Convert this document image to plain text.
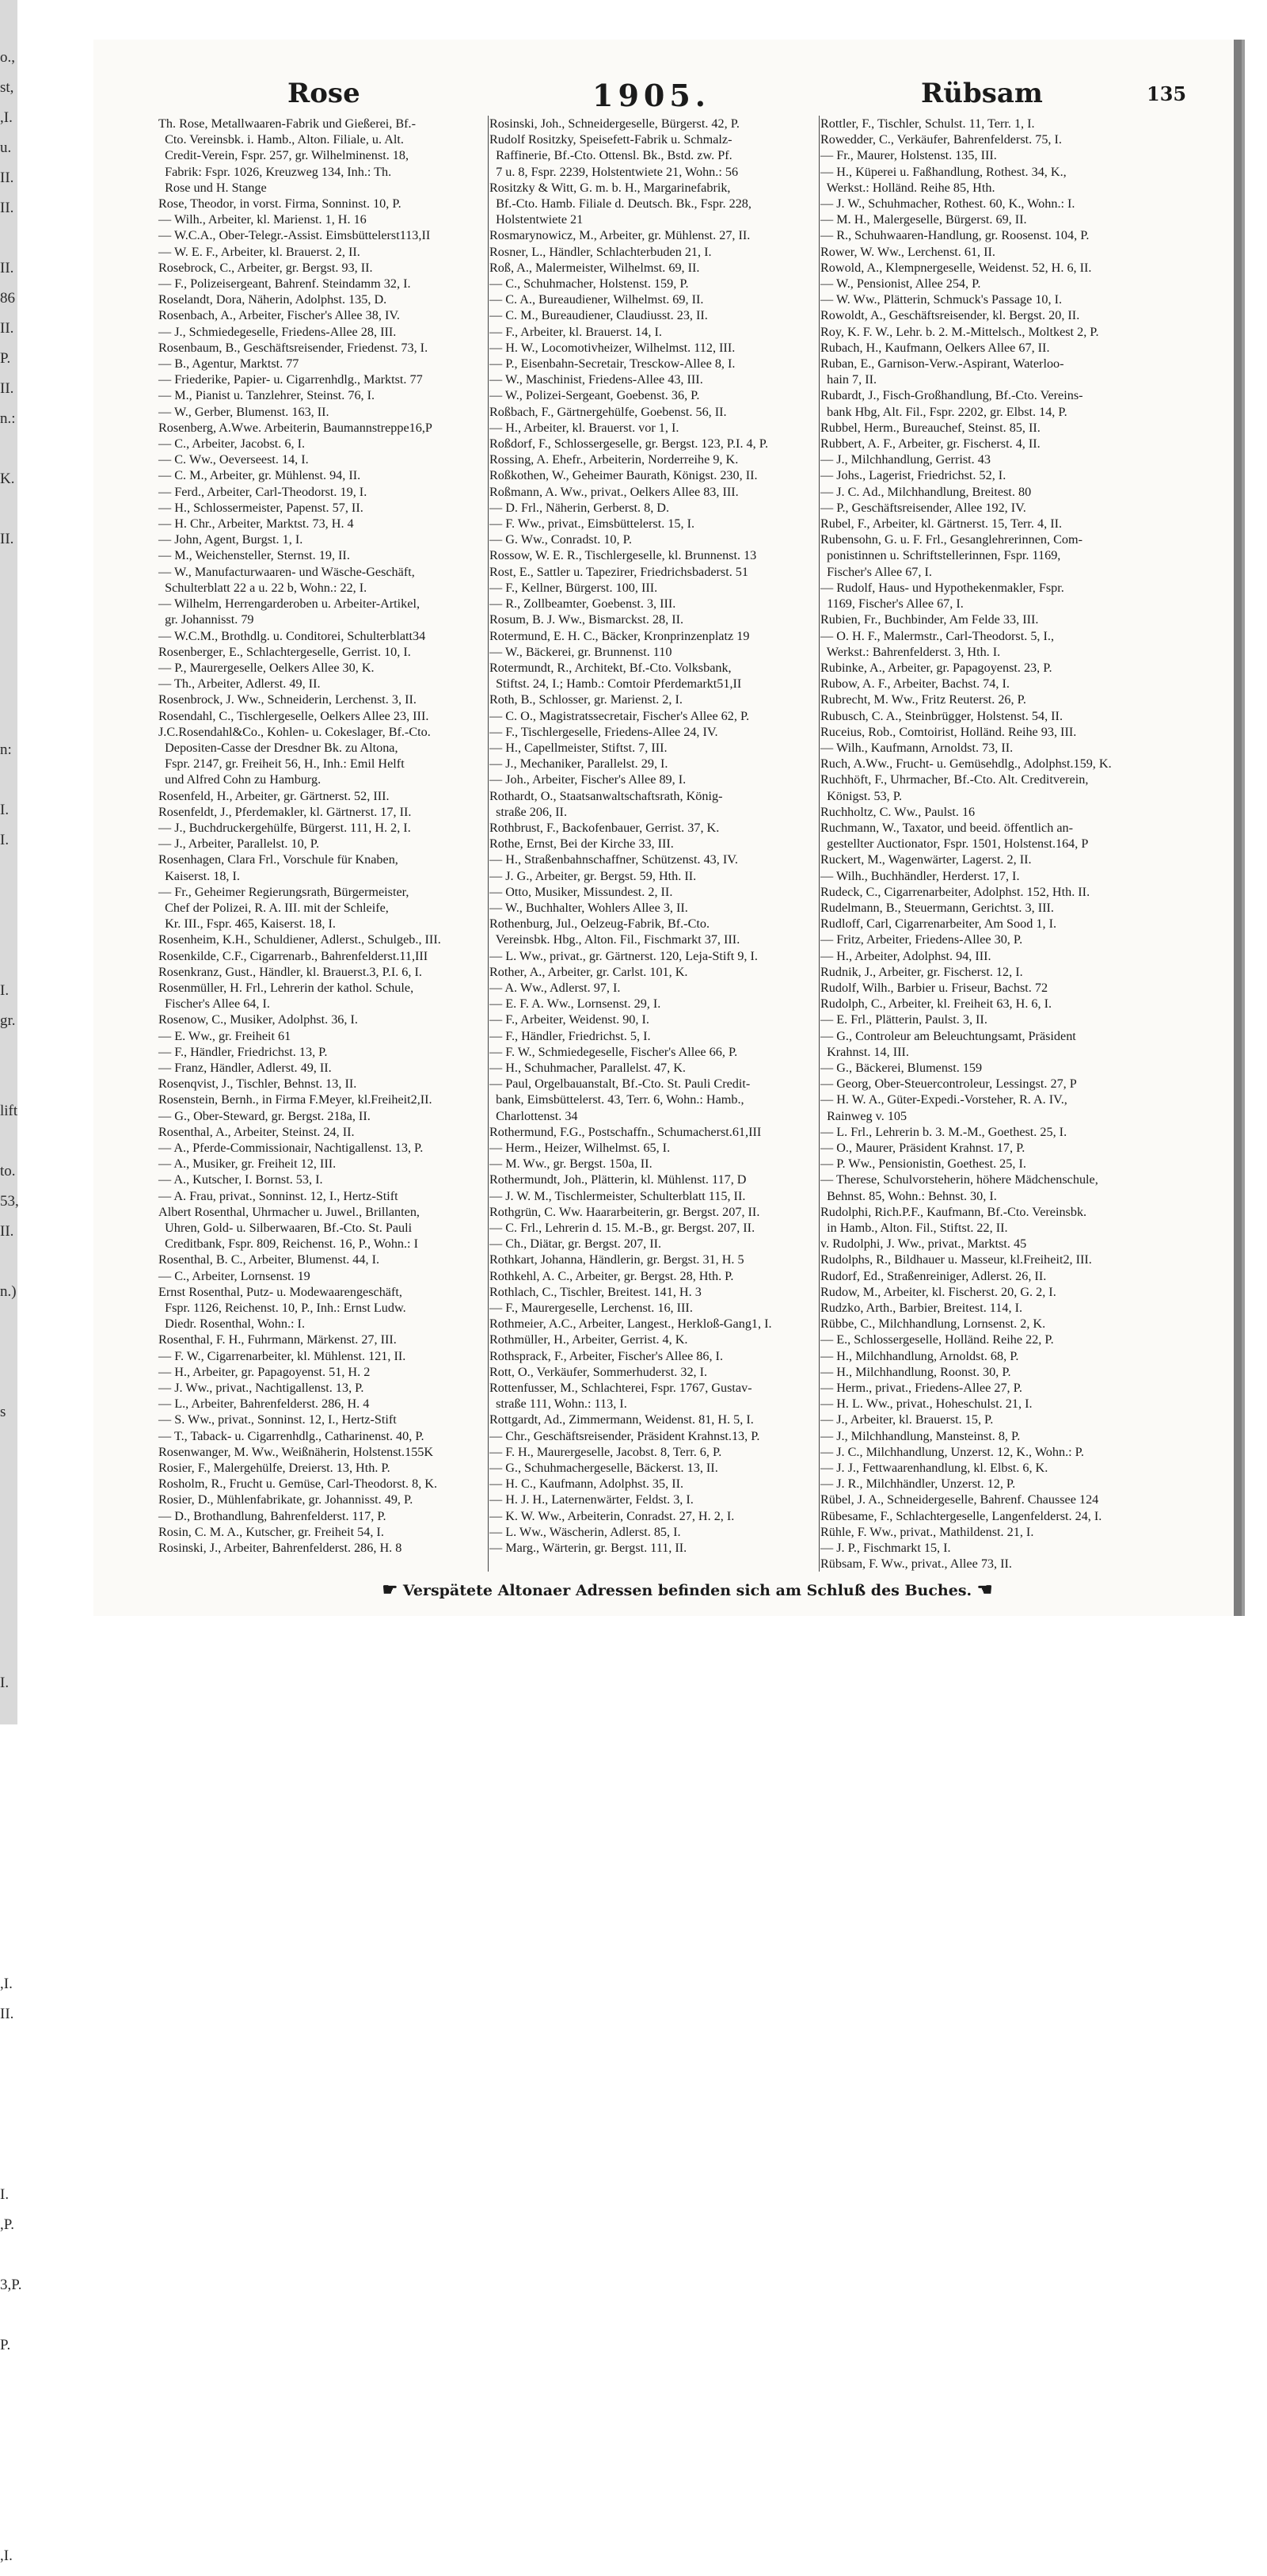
o.,
st,
,I.
u.
II.
II.
II.
86
II.
P.
II.
n.:
K.
II.
n:
I.
I.
I.
gr.
lift
to.
53,
II.
n.)
s
I.
,I.
II.
I.
,P.
3,P.
P.
,I.
Rose	1905.	Rübsam	135
Th. Rose, Metallwaaren-Fabrik und Gießerei, Bf.-
Cto. Vereinsbk. i. Hamb., Alton. Filiale, u. Alt.
Credit-Verein, Fspr. 257, gr. Wilhelminenst. 18,
Fabrik: Fspr. 1026, Kreuzweg 134, Inh.: Th.
Rose und H. Stange
Rose, Theodor, in vorst. Firma, Sonninst. 10, P.
— Wilh., Arbeiter, kl. Marienst. 1, H. 16
— W.C.A., Ober-Telegr.-Assist. Eimsbüttelerst113,II
— W. E. F., Arbeiter, kl. Brauerst. 2, II.
Rosebrock, C., Arbeiter, gr. Bergst. 93, II.
— F., Polizeisergeant, Bahrenf. Steindamm 32, I.
Roselandt, Dora, Näherin, Adolphst. 135, D.
Rosenbach, A., Arbeiter, Fischer's Allee 38, IV.
— J., Schmiedegeselle, Friedens-Allee 28, III.
Rosenbaum, B., Geschäftsreisender, Friedenst. 73, I.
— B., Agentur, Marktst. 77
— Friederike, Papier- u. Cigarrenhdlg., Marktst. 77
— M., Pianist u. Tanzlehrer, Steinst. 76, I.
— W., Gerber, Blumenst. 163, II.
Rosenberg, A.Wwe. Arbeiterin, Baumannstreppe16,P
— C., Arbeiter, Jacobst. 6, I.
— C. Ww., Oeverseest. 14, I.
— C. M., Arbeiter, gr. Mühlenst. 94, II.
— Ferd., Arbeiter, Carl-Theodorst. 19, I.
— H., Schlossermeister, Papenst. 57, II.
— H. Chr., Arbeiter, Marktst. 73, H. 4
— John, Agent, Burgst. 1, I.
— M., Weichensteller, Sternst. 19, II.
— W., Manufacturwaaren- und Wäsche-Geschäft,
Schulterblatt 22 a u. 22 b, Wohn.: 22, I.
— Wilhelm, Herrengarderoben u. Arbeiter-Artikel,
gr. Johannisst. 79
— W.C.M., Brothdlg. u. Conditorei, Schulterblatt34
Rosenberger, E., Schlachtergeselle, Gerrist. 10, I.
— P., Maurergeselle, Oelkers Allee 30, K.
— Th., Arbeiter, Adlerst. 49, II.
Rosenbrock, J. Ww., Schneiderin, Lerchenst. 3, II.
Rosendahl, C., Tischlergeselle, Oelkers Allee 23, III.
J.C.Rosendahl&Co., Kohlen- u. Cokeslager, Bf.-Cto.
Depositen-Casse der Dresdner Bk. zu Altona,
Fspr. 2147, gr. Freiheit 56, H., Inh.: Emil Helft
und Alfred Cohn zu Hamburg.
Rosenfeld, H., Arbeiter, gr. Gärtnerst. 52, III.
Rosenfeldt, J., Pferdemakler, kl. Gärtnerst. 17, II.
— J., Buchdruckergehülfe, Bürgerst. 111, H. 2, I.
— J., Arbeiter, Parallelst. 10, P.
Rosenhagen, Clara Frl., Vorschule für Knaben,
Kaiserst. 18, I.
— Fr., Geheimer Regierungsrath, Bürgermeister,
Chef der Polizei, R. A. III. mit der Schleife,
Kr. III., Fspr. 465, Kaiserst. 18, I.
Rosenheim, K.H., Schuldiener, Adlerst., Schulgeb., III.
Rosenkilde, C.F., Cigarrenarb., Bahrenfelderst.11,III
Rosenkranz, Gust., Händler, kl. Brauerst.3, P.I. 6, I.
Rosenmüller, H. Frl., Lehrerin der kathol. Schule,
Fischer's Allee 64, I.
Rosenow, C., Musiker, Adolphst. 36, I.
— E. Ww., gr. Freiheit 61
— F., Händler, Friedrichst. 13, P.
— Franz, Händler, Adlerst. 49, II.
Rosenqvist, J., Tischler, Behnst. 13, II.
Rosenstein, Bernh., in Firma F.Meyer, kl.Freiheit2,II.
— G., Ober-Steward, gr. Bergst. 218a, II.
Rosenthal, A., Arbeiter, Steinst. 24, II.
— A., Pferde-Commissionair, Nachtigallenst. 13, P.
— A., Musiker, gr. Freiheit 12, III.
— A., Kutscher, I. Bornst. 53, I.
— A. Frau, privat., Sonninst. 12, I., Hertz-Stift
Albert Rosenthal, Uhrmacher u. Juwel., Brillanten,
Uhren, Gold- u. Silberwaaren, Bf.-Cto. St. Pauli
Creditbank, Fspr. 809, Reichenst. 16, P., Wohn.: I
Rosenthal, B. C., Arbeiter, Blumenst. 44, I.
— C., Arbeiter, Lornsenst. 19
Ernst Rosenthal, Putz- u. Modewaarengeschäft,
Fspr. 1126, Reichenst. 10, P., Inh.: Ernst Ludw.
Diedr. Rosenthal, Wohn.: I.
Rosenthal, F. H., Fuhrmann, Märkenst. 27, III.
— F. W., Cigarrenarbeiter, kl. Mühlenst. 121, II.
— H., Arbeiter, gr. Papagoyenst. 51, H. 2
— J. Ww., privat., Nachtigallenst. 13, P.
— L., Arbeiter, Bahrenfelderst. 286, H. 4
— S. Ww., privat., Sonninst. 12, I., Hertz-Stift
— T., Taback- u. Cigarrenhdlg., Catharinenst. 40, P.
Rosenwanger, M. Ww., Weißnäherin, Holstenst.155K
Rosier, F., Malergehülfe, Dreierst. 13, Hth. P.
Rosholm, R., Frucht u. Gemüse, Carl-Theodorst. 8, K.
Rosier, D., Mühlenfabrikate, gr. Johannisst. 49, P.
— D., Brothandlung, Bahrenfelderst. 117, P.
Rosin, C. M. A., Kutscher, gr. Freiheit 54, I.
Rosinski, J., Arbeiter, Bahrenfelderst. 286, H. 8
Rosinski, Joh., Schneidergeselle, Bürgerst. 42, P.
Rudolf Rositzky, Speisefett-Fabrik u. Schmalz-
Raffinerie, Bf.-Cto. Ottensl. Bk., Bstd. zw. Pf.
7 u. 8, Fspr. 2239, Holstentwiete 21, Wohn.: 56
Rositzky & Witt, G. m. b. H., Margarinefabrik,
Bf.-Cto. Hamb. Filiale d. Deutsch. Bk., Fspr. 228,
Holstentwiete 21
Rosmarynowicz, M., Arbeiter, gr. Mühlenst. 27, II.
Rosner, L., Händler, Schlachterbuden 21, I.
Roß, A., Malermeister, Wilhelmst. 69, II.
— C., Schuhmacher, Holstenst. 159, P.
— C. A., Bureaudiener, Wilhelmst. 69, II.
— C. M., Bureaudiener, Claudiusst. 23, II.
— F., Arbeiter, kl. Brauerst. 14, I.
— H. W., Locomotivheizer, Wilhelmst. 112, III.
— P., Eisenbahn-Secretair, Tresckow-Allee 8, I.
— W., Maschinist, Friedens-Allee 43, III.
— W., Polizei-Sergeant, Goebenst. 36, P.
Roßbach, F., Gärtnergehülfe, Goebenst. 56, II.
— H., Arbeiter, kl. Brauerst. vor 1, I.
Roßdorf, F., Schlossergeselle, gr. Bergst. 123, P.I. 4, P.
Rossing, A. Ehefr., Arbeiterin, Norderreihe 9, K.
Roßkothen, W., Geheimer Baurath, Königst. 230, II.
Roßmann, A. Ww., privat., Oelkers Allee 83, III.
— D. Frl., Näherin, Gerberst. 8, D.
— F. Ww., privat., Eimsbüttelerst. 15, I.
— G. Ww., Conradst. 10, P.
Rossow, W. E. R., Tischlergeselle, kl. Brunnenst. 13
Rost, E., Sattler u. Tapezirer, Friedrichsbaderst. 51
— F., Kellner, Bürgerst. 100, III.
— R., Zollbeamter, Goebenst. 3, III.
Rosum, B. J. Ww., Bismarckst. 28, II.
Rotermund, E. H. C., Bäcker, Kronprinzenplatz 19
— W., Bäckerei, gr. Brunnenst. 110
Rotermundt, R., Architekt, Bf.-Cto. Volksbank,
Stiftst. 24, I.; Hamb.: Comtoir Pferdemarkt51,II
Roth, B., Schlosser, gr. Marienst. 2, I.
— C. O., Magistratssecretair, Fischer's Allee 62, P.
— F., Tischlergeselle, Friedens-Allee 24, IV.
— H., Capellmeister, Stiftst. 7, III.
— J., Mechaniker, Parallelst. 29, I.
— Joh., Arbeiter, Fischer's Allee 89, I.
Rothardt, O., Staatsanwaltschaftsrath, König-
straße 206, II.
Rothbrust, F., Backofenbauer, Gerrist. 37, K.
Rothe, Ernst, Bei der Kirche 33, III.
— H., Straßenbahnschaffner, Schützenst. 43, IV.
— J. G., Arbeiter, gr. Bergst. 59, Hth. II.
— Otto, Musiker, Missundest. 2, II.
— W., Buchhalter, Wohlers Allee 3, II.
Rothenburg, Jul., Oelzeug-Fabrik, Bf.-Cto.
Vereinsbk. Hbg., Alton. Fil., Fischmarkt 37, III.
— L. Ww., privat., gr. Gärtnerst. 120, Leja-Stift 9, I.
Rother, A., Arbeiter, gr. Carlst. 101, K.
— A. Ww., Adlerst. 97, I.
— E. F. A. Ww., Lornsenst. 29, I.
— F., Arbeiter, Weidenst. 90, I.
— F., Händler, Friedrichst. 5, I.
— F. W., Schmiedegeselle, Fischer's Allee 66, P.
— H., Schuhmacher, Parallelst. 47, K.
— Paul, Orgelbauanstalt, Bf.-Cto. St. Pauli Credit-
bank, Eimsbüttelerst. 43, Terr. 6, Wohn.: Hamb.,
Charlottenst. 34
Rothermund, F.G., Postschaffn., Schumacherst.61,III
— Herm., Heizer, Wilhelmst. 65, I.
— M. Ww., gr. Bergst. 150a, II.
Rothermundt, Joh., Plätterin, kl. Mühlenst. 117, D
— J. W. M., Tischlermeister, Schulterblatt 115, II.
Rothgrün, C. Ww. Haararbeiterin, gr. Bergst. 207, II.
— C. Frl., Lehrerin d. 15. M.-B., gr. Bergst. 207, II.
— Ch., Diätar, gr. Bergst. 207, II.
Rothkart, Johanna, Händlerin, gr. Bergst. 31, H. 5
Rothkehl, A. C., Arbeiter, gr. Bergst. 28, Hth. P.
Rothlach, C., Tischler, Breitest. 141, H. 3
— F., Maurergeselle, Lerchenst. 16, III.
Rothmeier, A.C., Arbeiter, Langest., Herkloß-Gang1, I.
Rothmüller, H., Arbeiter, Gerrist. 4, K.
Rothsprack, F., Arbeiter, Fischer's Allee 86, I.
Rott, O., Verkäufer, Sommerhuderst. 32, I.
Rottenfusser, M., Schlachterei, Fspr. 1767, Gustav-
straße 111, Wohn.: 113, I.
Rottgardt, Ad., Zimmermann, Weidenst. 81, H. 5, I.
— Chr., Geschäftsreisender, Präsident Krahnst.13, P.
— F. H., Maurergeselle, Jacobst. 8, Terr. 6, P.
— G., Schuhmachergeselle, Bäckerst. 13, II.
— H. C., Kaufmann, Adolphst. 35, II.
— H. J. H., Laternenwärter, Feldst. 3, I.
— K. W. Ww., Arbeiterin, Conradst. 27, H. 2, I.
— L. Ww., Wäscherin, Adlerst. 85, I.
— Marg., Wärterin, gr. Bergst. 111, II.
Rottler, F., Tischler, Schulst. 11, Terr. 1, I.
Rowedder, C., Verkäufer, Bahrenfelderst. 75, I.
— Fr., Maurer, Holstenst. 135, III.
— H., Küperei u. Faßhandlung, Rothest. 34, K.,
Werkst.: Holländ. Reihe 85, Hth.
— J. W., Schuhmacher, Rothest. 60, K., Wohn.: I.
— M. H., Malergeselle, Bürgerst. 69, II.
— R., Schuhwaaren-Handlung, gr. Roosenst. 104, P.
Rower, W. Ww., Lerchenst. 61, II.
Rowold, A., Klempnergeselle, Weidenst. 52, H. 6, II.
— W., Pensionist, Allee 254, P.
— W. Ww., Plätterin, Schmuck's Passage 10, I.
Rowoldt, A., Geschäftsreisender, kl. Bergst. 20, II.
Roy, K. F. W., Lehr. b. 2. M.-Mittelsch., Moltkest 2, P.
Rubach, H., Kaufmann, Oelkers Allee 67, II.
Ruban, E., Garnison-Verw.-Aspirant, Waterloo-
hain 7, II.
Rubardt, J., Fisch-Großhandlung, Bf.-Cto. Vereins-
bank Hbg, Alt. Fil., Fspr. 2202, gr. Elbst. 14, P.
Rubbel, Herm., Bureauchef, Steinst. 85, II.
Rubbert, A. F., Arbeiter, gr. Fischerst. 4, II.
— J., Milchhandlung, Gerrist. 43
— Johs., Lagerist, Friedrichst. 52, I.
— J. C. Ad., Milchhandlung, Breitest. 80
— P., Geschäftsreisender, Allee 192, IV.
Rubel, F., Arbeiter, kl. Gärtnerst. 15, Terr. 4, II.
Rubensohn, G. u. F. Frl., Gesanglehrerinnen, Com-
ponistinnen u. Schriftstellerinnen, Fspr. 1169,
Fischer's Allee 67, I.
— Rudolf, Haus- und Hypothekenmakler, Fspr.
1169, Fischer's Allee 67, I.
Rubien, Fr., Buchbinder, Am Felde 33, III.
— O. H. F., Malermstr., Carl-Theodorst. 5, I.,
Werkst.: Bahrenfelderst. 3, Hth. I.
Rubinke, A., Arbeiter, gr. Papagoyenst. 23, P.
Rubow, A. F., Arbeiter, Bachst. 74, I.
Rubrecht, M. Ww., Fritz Reuterst. 26, P.
Rubusch, C. A., Steinbrügger, Holstenst. 54, II.
Ruceius, Rob., Comtoirist, Holländ. Reihe 93, III.
— Wilh., Kaufmann, Arnoldst. 73, II.
Ruch, A.Ww., Frucht- u. Gemüsehdlg., Adolphst.159, K.
Ruchhöft, F., Uhrmacher, Bf.-Cto. Alt. Creditverein,
Königst. 53, P.
Ruchholtz, C. Ww., Paulst. 16
Ruchmann, W., Taxator, und beeid. öffentlich an-
gestellter Auctionator, Fspr. 1501, Holstenst.164, P
Ruckert, M., Wagenwärter, Lagerst. 2, II.
— Wilh., Buchhändler, Herderst. 17, I.
Rudeck, C., Cigarrenarbeiter, Adolphst. 152, Hth. II.
Rudelmann, B., Steuermann, Gerichtst. 3, III.
Rudloff, Carl, Cigarrenarbeiter, Am Sood 1, I.
— Fritz, Arbeiter, Friedens-Allee 30, P.
— H., Arbeiter, Adolphst. 94, III.
Rudnik, J., Arbeiter, gr. Fischerst. 12, I.
Rudolf, Wilh., Barbier u. Friseur, Bachst. 72
Rudolph, C., Arbeiter, kl. Freiheit 63, H. 6, I.
— E. Frl., Plätterin, Paulst. 3, II.
— G., Controleur am Beleuchtungsamt, Präsident
Krahnst. 14, III.
— G., Bäckerei, Blumenst. 159
— Georg, Ober-Steuercontroleur, Lessingst. 27, P
— H. W. A., Güter-Expedi.-Vorsteher, R. A. IV.,
Rainweg v. 105
— L. Frl., Lehrerin b. 3. M.-M., Goethest. 25, I.
— O., Maurer, Präsident Krahnst. 17, P.
— P. Ww., Pensionistin, Goethest. 25, I.
— Therese, Schulvorsteherin, höhere Mädchenschule,
Behnst. 85, Wohn.: Behnst. 30, I.
Rudolphi, Rich.P.F., Kaufmann, Bf.-Cto. Vereinsbk.
in Hamb., Alton. Fil., Stiftst. 22, II.
v. Rudolphi, J. Ww., privat., Marktst. 45
Rudolphs, R., Bildhauer u. Masseur, kl.Freiheit2, III.
Rudorf, Ed., Straßenreiniger, Adlerst. 26, II.
Rudow, M., Arbeiter, kl. Fischerst. 20, G. 2, I.
Rudzko, Arth., Barbier, Breitest. 114, I.
Rübbe, C., Milchhandlung, Lornsenst. 2, K.
— E., Schlossergeselle, Holländ. Reihe 22, P.
— H., Milchhandlung, Arnoldst. 68, P.
— H., Milchhandlung, Roonst. 30, P.
— Herm., privat., Friedens-Allee 27, P.
— H. L. Ww., privat., Hoheschulst. 21, I.
— J., Arbeiter, kl. Brauerst. 15, P.
— J., Milchhandlung, Mansteinst. 8, P.
— J. C., Milchhandlung, Unzerst. 12, K., Wohn.: P.
— J. J., Fettwaarenhandlung, kl. Elbst. 6, K.
— J. R., Milchhändler, Unzerst. 12, P.
Rübel, J. A., Schneidergeselle, Bahrenf. Chaussee 124
Rübesame, F., Schlachtergeselle, Langenfelderst. 24, I.
Rühle, F. Ww., privat., Mathildenst. 21, I.
— J. P., Fischmarkt 15, I.
Rübsam, F. Ww., privat., Allee 73, II.
☛ Verspätete Altonaer Adressen befinden sich am Schluß des Buches. ☚
